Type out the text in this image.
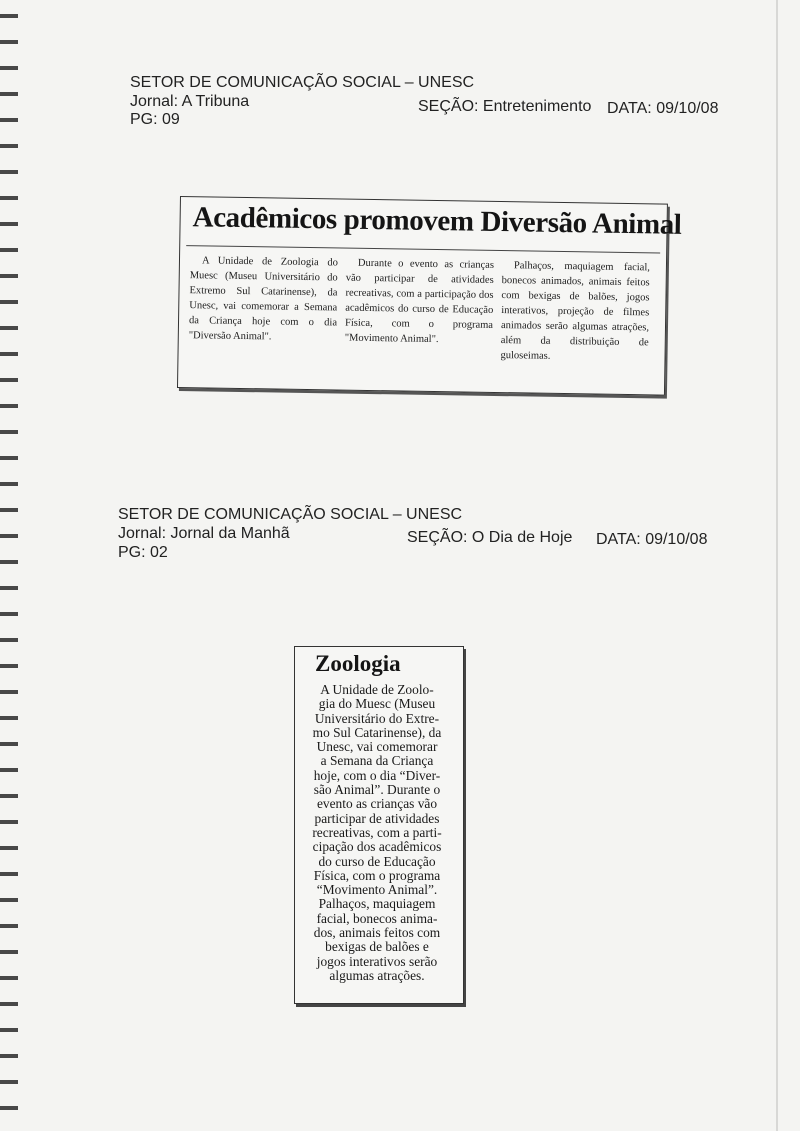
SETOR DE COMUNICAÇÃO SOCIAL – UNESC
Jornal: A Tribuna	SEÇÃO: Entretenimento DATA: 09/10/08
PG: 09
Acadêmicos promovem Diversão Animal

A Unidade de Zoologia do Muesc (Museu Universitário do Extremo Sul Catarinense), da Unesc, vai comemorar a Semana da Criança hoje com o dia "Diversão Animal".

Durante o evento as crianças vão participar de atividades recreativas, com a participação dos acadêmicos do curso de Educação Física, com o programa "Movimento Animal".

Palhaços, maquiagem facial, bonecos animados, animais feitos com bexigas de balões, jogos interativos, projeção de filmes animados serão algumas atrações, além da distribuição de guloseimas.

SETOR DE COMUNICAÇÃO SOCIAL – UNESC
Jornal: Jornal da Manhã	SEÇÃO: O Dia de Hoje DATA: 09/10/08
PG: 02
Zoologia
A Unidade de Zoolo-
gia do Muesc (Museu
Universitário do Extre-
mo Sul Catarinense), da
Unesc, vai comemorar
a Semana da Criança
hoje, com o dia “Diver-
são Animal”. Durante o
evento as crianças vão
participar de atividades
recreativas, com a parti-
cipação dos acadêmicos
do curso de Educação
Física, com o programa
“Movimento Animal”.
Palhaços, maquiagem
facial, bonecos anima-
dos, animais feitos com
bexigas de balões e
jogos interativos serão
algumas atrações.
